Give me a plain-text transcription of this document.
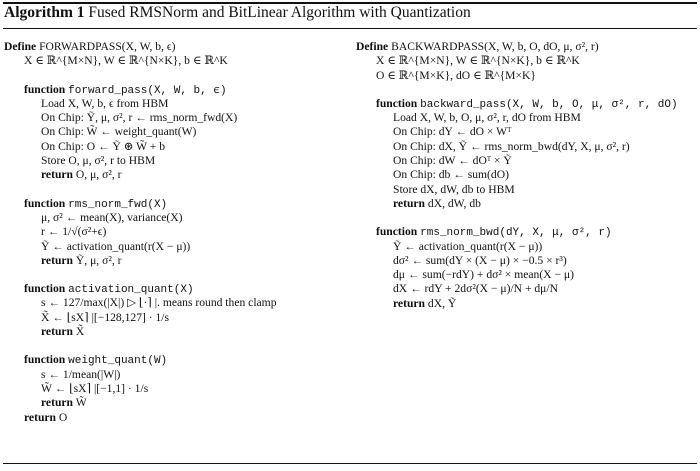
Algorithm 1 Fused RMSNorm and BitLinear Algorithm with Quantization
Define FORWARDPASS(X, W, b, ϵ)
X ∈ ℝ^{M×N}, W ∈ ℝ^{N×K}, b ∈ ℝ^K
function forward_pass(X, W, b, ϵ)
Load X, W, b, ϵ from HBM
On Chip: Ỹ, μ, σ², r ← rms_norm_fwd(X)
On Chip: W̃ ← weight_quant(W)
On Chip: O ← Ỹ ⊛ W̃ + b
Store O, μ, σ², r to HBM
return O, μ, σ², r
function rms_norm_fwd(X)
μ, σ² ← mean(X), variance(X)
r ← 1/√(σ²+ϵ)
Ỹ ← activation_quant(r(X − μ))
return Ỹ, μ, σ², r
function activation_quant(X)
s ← 127/max(|X|) ▷ ⌊·⌉ |. means round then clamp
X̃ ← ⌊sX⌉ |[−128,127] · 1/s
return X̃
function weight_quant(W)
s ← 1/mean(|W|)
W̃ ← ⌊sX⌉ |[−1,1] · 1/s
return W̃
return O
Define BACKWARDPASS(X, W, b, O, dO, μ, σ², r)
X ∈ ℝ^{M×N}, W ∈ ℝ^{N×K}, b ∈ ℝ^K
O ∈ ℝ^{M×K}, dO ∈ ℝ^{M×K}
function backward_pass(X, W, b, O, μ, σ², r, dO)
Load X, W, b, O, μ, σ², r, dO from HBM
On Chip: dY ← dO × Wᵀ
On Chip: dX, Ỹ ← rms_norm_bwd(dY, X, μ, σ², r)
On Chip: dW ← dOᵀ × Ỹ
On Chip: db ← sum(dO)
Store dX, dW, db to HBM
return dX, dW, db
function rms_norm_bwd(dY, X, μ, σ², r)
Ỹ ← activation_quant(r(X − μ))
dσ² ← sum(dY × (X − μ) × −0.5 × r³)
dμ ← sum(−rdY) + dσ² × mean(X − μ)
dX ← rdY + 2dσ²(X − μ)/N + dμ/N
return dX, Ỹ
